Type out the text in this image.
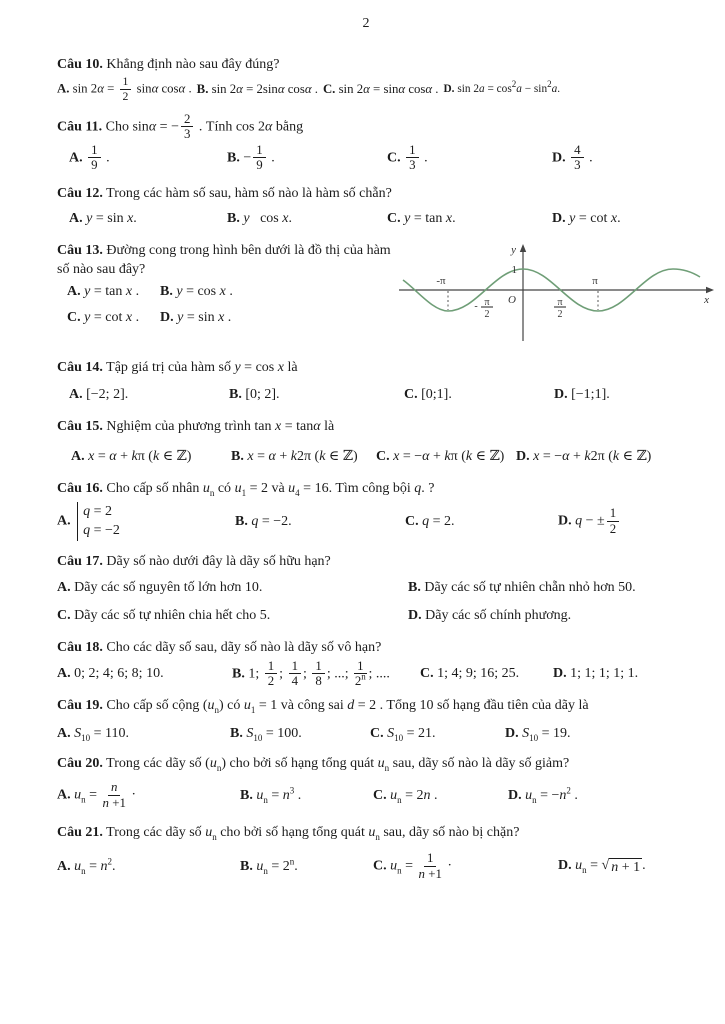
2
Câu 10. Khẳng định nào sau đây đúng?
A. $\sin 2\alpha = \frac{1}{2}$ sinα cosα . B. sin 2α = 2sinα cosα . C. sin 2α = sinα cosα . D. $\sin 2a = \cos^2a - \sin^2a$.
Câu 11. Cho sinα = − $\frac{2}{3}$ . Tính cos 2α bằng
A. $\frac{1}{9}$ .	B. − $\frac{1}{9}$ .	C. $\frac{1}{3}$ .	D. $\frac{4}{3}$ .
Câu 12. Trong các hàm số sau, hàm số nào là hàm số chẵn?
A. y = sin x.	B. y   cos x.	C. y = tan x.	D. y = cot x.
Câu 13. Đường cong trong hình bên dưới là đồ thị của hàm số nào sau đây?
A. y = tan x .	B. y = cos x .
C. y = cot x .	D. y = sin x .
y
1
-π	π
O
- π
2
π
2
x
Câu 14. Tập giá trị của hàm số y = cos x là
A. [−2; 2].	B. [0; 2].	C. [0;1].	D. [−1;1].
Câu 15. Nghiệm của phương trình tan x = tanα là
A. x = α + kπ (k ∈ ℤ)	B. x = α + k2π (k ∈ ℤ)	C. x = −α + kπ (k ∈ ℤ) D. x = −α + k2π (k ∈ ℤ)
Câu 16. Cho cấp số nhân $u_n$ có $u_1 = 2$ và $u_4 = 16$. Tìm công bội q. ?
A.
q = 2
q = −2
B. q = −2.	C. q = 2.	D. q − ± $\frac{1}{2}$
Câu 17. Dãy số nào dưới đây là dãy số hữu hạn?
A. Dãy các số nguyên tố lớn hơn 10.	B. Dãy các số tự nhiên chẵn nhỏ hơn 50.
C. Dãy các số tự nhiên chia hết cho 5.	D. Dãy các số chính phương.
Câu 18. Cho các dãy số sau, dãy số nào là dãy số vô hạn?
A. 0; 2; 4; 6; 8; 10.	B. 1; $\frac{1}{2}$ ; $\frac{1}{4}$ ; $\frac{1}{8}$ ; ...; $\frac{1}{2^n}$ ; ....	C. 1; 4; 9; 16; 25.	D. 1; 1; 1; 1; 1.
Câu 19. Cho cấp số cộng $(u_n)$ có $u_1 = 1$ và công sai d = 2 . Tổng 10 số hạng đầu tiên của dãy là
A. $S_{10} = 110$.	B. $S_{10} = 100$.	C. $S_{10} = 21$.	D. $S_{10} = 19$.
Câu 20. Trong các dãy số $(u_n)$ cho bởi số hạng tổng quát $u_n$ sau, dãy số nào là dãy số giảm?
A. $u_n = \frac{n}{n +1}$ ·	B. $u_n = n^3$ .	C. $u_n = 2n$ .	D. $u_n = -n^2$ .
Câu 21. Trong các dãy số $u_n$ cho bởi số hạng tổng quát $u_n$ sau, dãy số nào bị chặn?
A. $u_n = n^2$.	B. $u_n = 2^n$.	C. $u_n = \frac{1}{n +1}$ ·	D. $u_n$ = √ n + 1 .
